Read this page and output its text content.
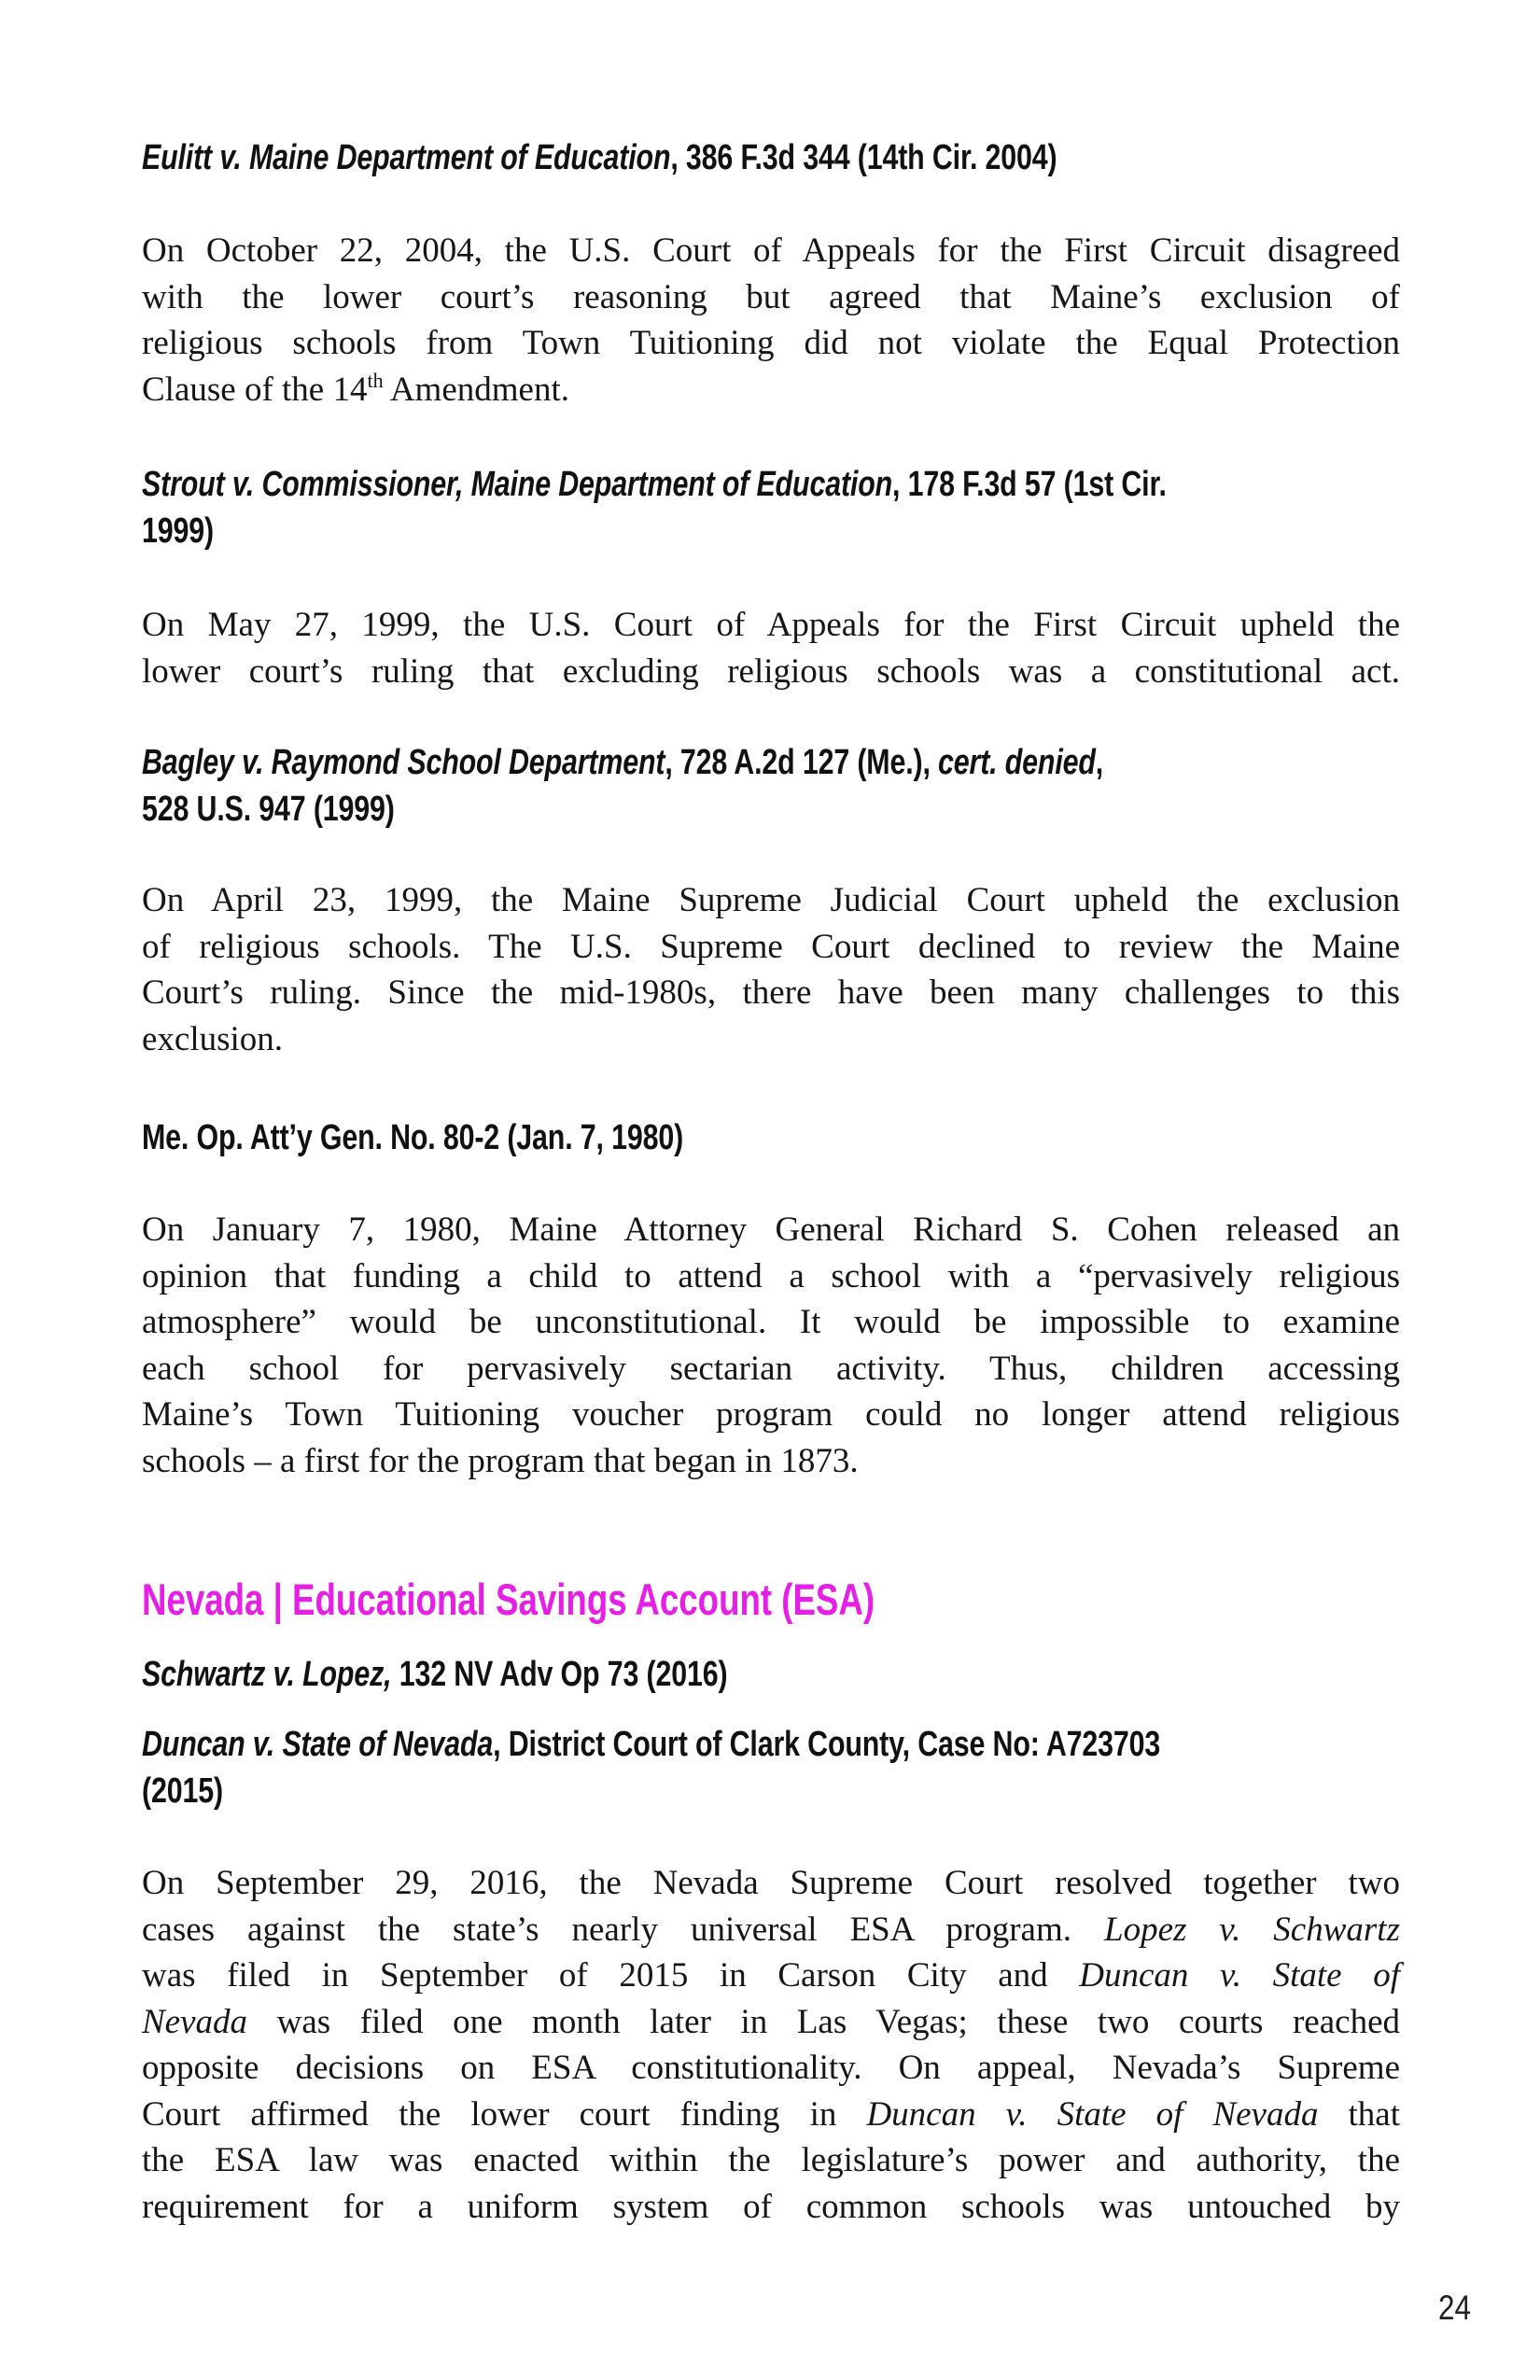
Eulitt v. Maine Department of Education, 386 F.3d 344 (14th Cir. 2004)
On October 22, 2004, the U.S. Court of Appeals for the First Circuit disagreed
with the lower court’s reasoning but agreed that Maine’s exclusion of
religious schools from Town Tuitioning did not violate the Equal Protection
Clause of the 14th Amendment.
Strout v. Commissioner, Maine Department of Education, 178 F.3d 57 (1st Cir.
1999)
On May 27, 1999, the U.S. Court of Appeals for the First Circuit upheld the
lower court’s ruling that excluding religious schools was a constitutional act.
Bagley v. Raymond School Department, 728 A.2d 127 (Me.), cert. denied,
528 U.S. 947 (1999)
On April 23, 1999, the Maine Supreme Judicial Court upheld the exclusion
of religious schools. The U.S. Supreme Court declined to review the Maine
Court’s ruling. Since the mid-1980s, there have been many challenges to this
exclusion.
Me. Op. Att’y Gen. No. 80-2 (Jan. 7, 1980)
On January 7, 1980, Maine Attorney General Richard S. Cohen released an
opinion that funding a child to attend a school with a “pervasively religious
atmosphere” would be unconstitutional. It would be impossible to examine
each school for pervasively sectarian activity. Thus, children accessing
Maine’s Town Tuitioning voucher program could no longer attend religious
schools – a first for the program that began in 1873.
Nevada | Educational Savings Account (ESA)
Schwartz v. Lopez, 132 NV Adv Op 73 (2016)
Duncan v. State of Nevada, District Court of Clark County, Case No: A723703
(2015)
On September 29, 2016, the Nevada Supreme Court resolved together two
cases against the state’s nearly universal ESA program. Lopez v. Schwartz
was filed in September of 2015 in Carson City and Duncan v. State of
Nevada was filed one month later in Las Vegas; these two courts reached
opposite decisions on ESA constitutionality. On appeal, Nevada’s Supreme
Court affirmed the lower court finding in Duncan v. State of Nevada that
the ESA law was enacted within the legislature’s power and authority, the
requirement for a uniform system of common schools was untouched by
24
